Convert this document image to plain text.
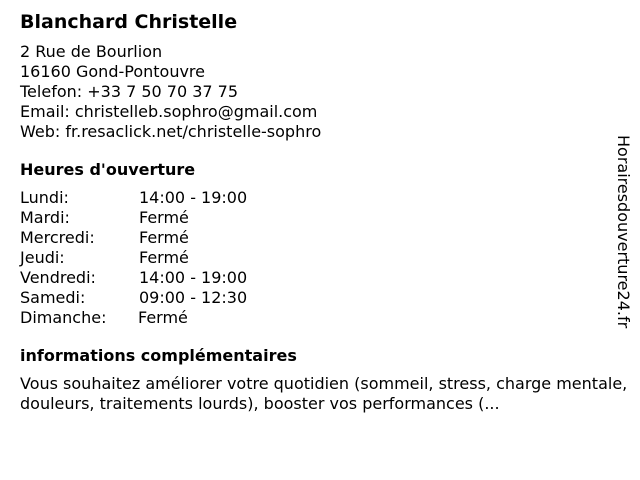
Blanchard Christelle
2 Rue de Bourlion
16160 Gond-Pontouvre
Telefon: +33 7 50 70 37 75
Email: christelleb.sophro@gmail.com
Web: fr.resaclick.net/christelle-sophro
Heures d'ouverture
Lundi:	14:00 - 19:00
Mardi:	Fermé
Mercredi:	Fermé
Jeudi:	Fermé
Vendredi:	14:00 - 19:00
Samedi:	09:00 - 12:30
Dimanche:	Fermé
informations complémentaires
Vous souhaitez améliorer votre quotidien (sommeil, stress, charge mentale, douleurs, traitements lourds), booster vos performances (...
Horairesdouverture24.fr
